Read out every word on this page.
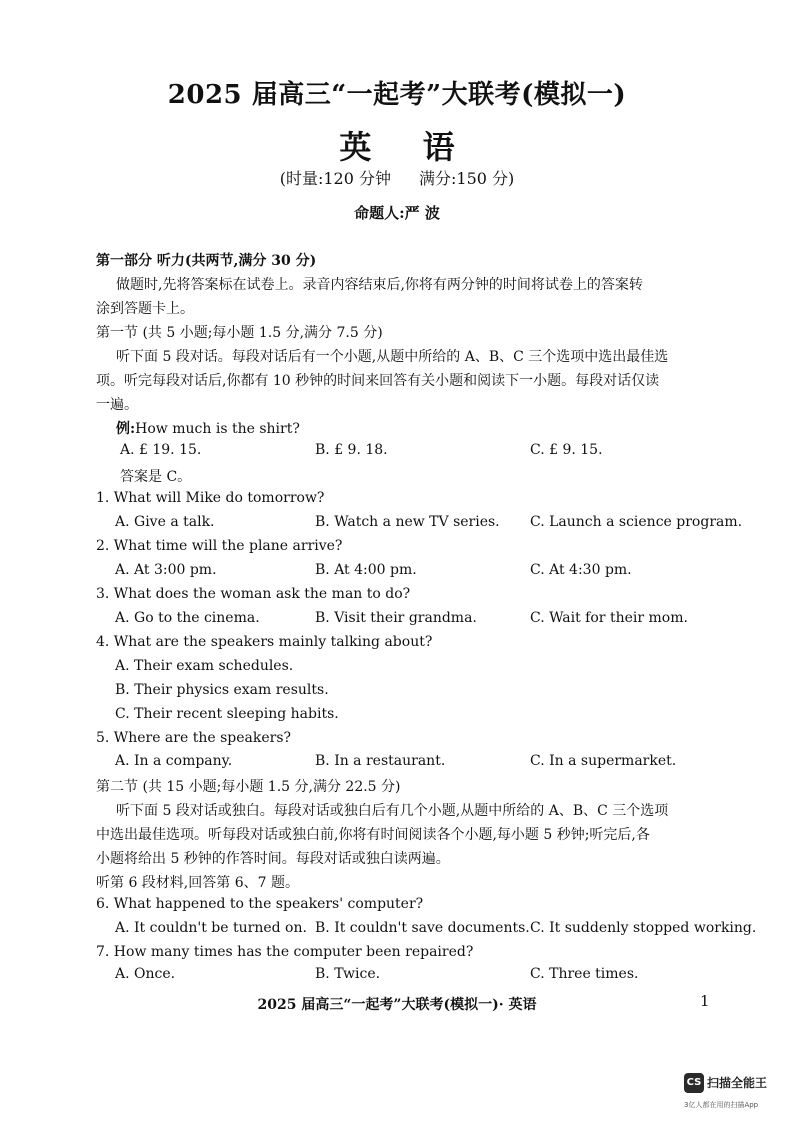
2025 届高三“一起考”大联考(模拟一)
英 语
(时量:120 分钟 满分:150 分)
命题人:严 波
第一部分 听力(共两节,满分 30 分)
做题时,先将答案标在试卷上。录音内容结束后,你将有两分钟的时间将试卷上的答案转
涂到答题卡上。
第一节 (共 5 小题;每小题 1.5 分,满分 7.5 分)
听下面 5 段对话。每段对话后有一个小题,从题中所给的 A、B、C 三个选项中选出最佳选
项。听完每段对话后,你都有 10 秒钟的时间来回答有关小题和阅读下一小题。每段对话仅读
一遍。
例:How much is the shirt?
A. £ 19. 15.	B. £ 9. 18.	C. £ 9. 15.
答案是 C。
1. What will Mike do tomorrow?
A. Give a talk.	B. Watch a new TV series. C. Launch a science program.
2. What time will the plane arrive?
A. At 3:00 pm.	B. At 4:00 pm.	C. At 4:30 pm.
3. What does the woman ask the man to do?
A. Go to the cinema.	B. Visit their grandma.	C. Wait for their mom.
4. What are the speakers mainly talking about?
A. Their exam schedules.
B. Their physics exam results.
C. Their recent sleeping habits.
5. Where are the speakers?
A. In a company.	B. In a restaurant.	C. In a supermarket.
第二节 (共 15 小题;每小题 1.5 分,满分 22.5 分)
听下面 5 段对话或独白。每段对话或独白后有几个小题,从题中所给的 A、B、C 三个选项
中选出最佳选项。听每段对话或独白前,你将有时间阅读各个小题,每小题 5 秒钟;听完后,各
小题将给出 5 秒钟的作答时间。每段对话或独白读两遍。
听第 6 段材料,回答第 6、7 题。
6. What happened to the speakers' computer?
A. It couldn't be turned on. B. It couldn't save documents. C. It suddenly stopped working.
7. How many times has the computer been repaired?
A. Once.	B. Twice.	C. Three times.
2025 届高三“一起考”大联考(模拟一)· 英语	1
CS 扫描全能王
3亿人都在用的扫描App
